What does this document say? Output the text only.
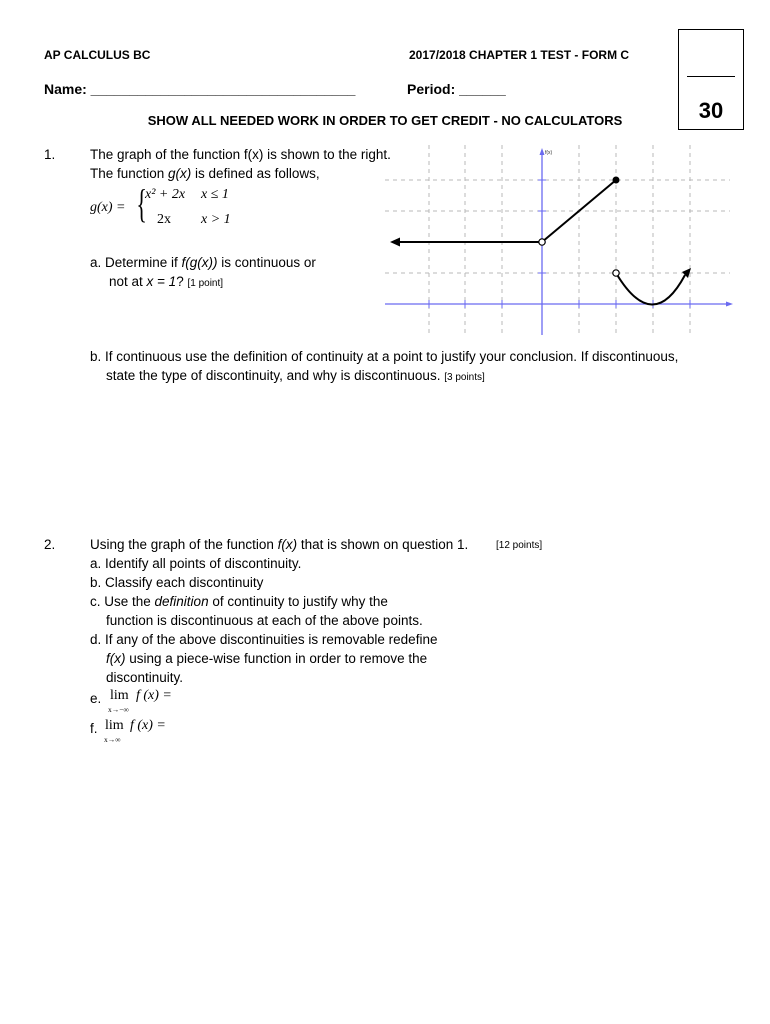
AP CALCULUS BC	2017/2018 CHAPTER 1 TEST - FORM C
Name: __________________________________	Period: ______
30
SHOW ALL NEEDED WORK IN ORDER TO GET CREDIT - NO CALCULATORS
1.	The graph of the function f(x) is shown to the right.
The function g(x) is defined as follows,
g(x) = {
x² + 2x x ≤ 1
2x x > 1
a. Determine if f(g(x)) is continuous or
not at x = 1? [1 point]
f(x)
b. If continuous use the definition of continuity at a point to justify your conclusion. If discontinuous,
state the type of discontinuity, and why is discontinuous. [3 points]
2.	Using the graph of the function f(x) that is shown on question 1.	[12 points]
a. Identify all points of discontinuity.
b. Classify each discontinuity
c. Use the definition of continuity to justify why the
function is discontinuous at each of the above points.
d. If any of the above discontinuities is removable redefine
f(x) using a piece-wise function in order to remove the
discontinuity.
e. lim
x→−∞
f (x) =
f. lim
x→∞
f (x) =
